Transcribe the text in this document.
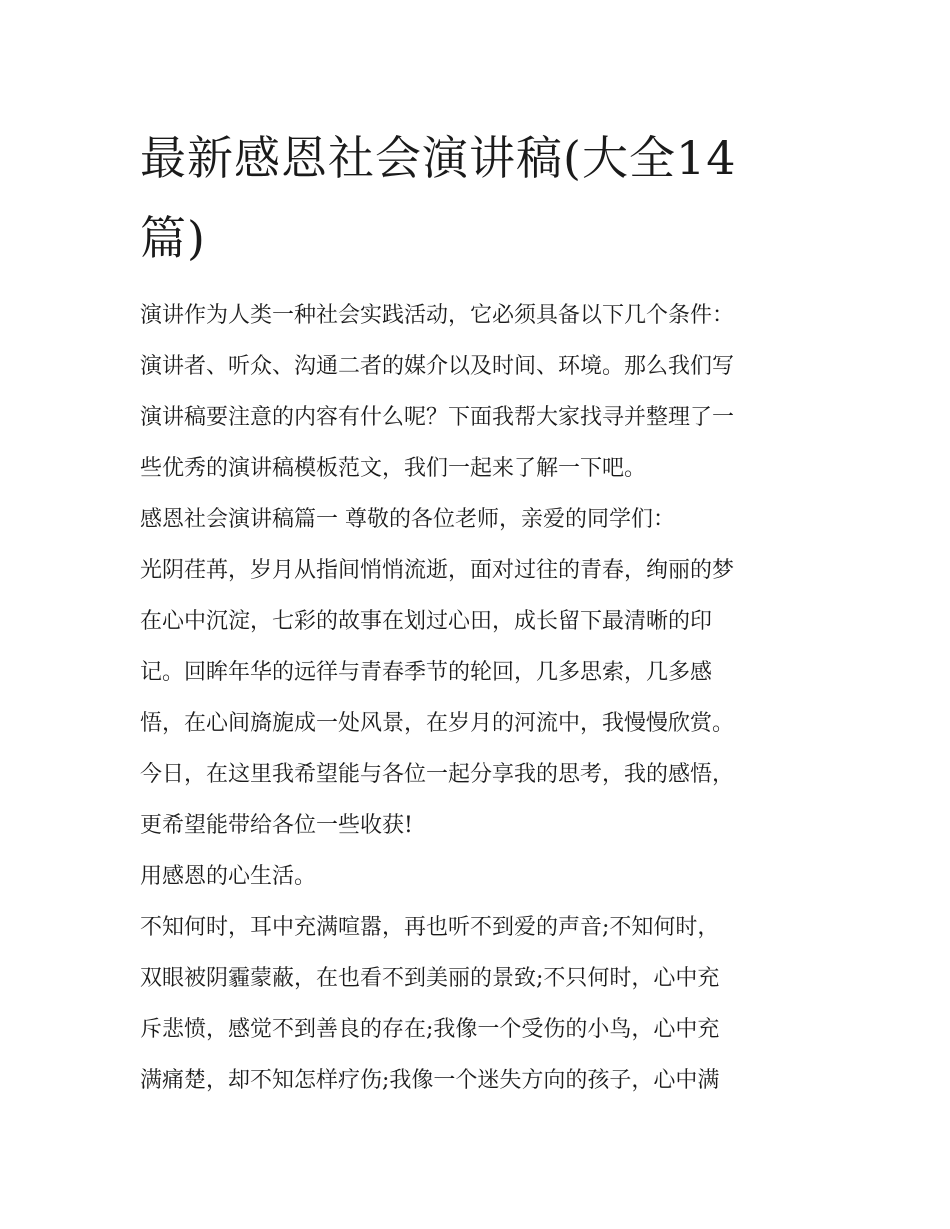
最新感恩社会演讲稿(大全14
篇)

演讲作为人类一种社会实践活动，它必须具备以下几个条件：
演讲者、听众、沟通二者的媒介以及时间、环境。那么我们写
演讲稿要注意的内容有什么呢？下面我帮大家找寻并整理了一
些优秀的演讲稿模板范文，我们一起来了解一下吧。

感恩社会演讲稿篇一 尊敬的各位老师，亲爱的同学们：

光阴荏苒，岁月从指间悄悄流逝，面对过往的青春，绚丽的梦
在心中沉淀，七彩的故事在划过心田，成长留下最清晰的印
记。回眸年华的远徉与青春季节的轮回，几多思索，几多感
悟，在心间旖旎成一处风景，在岁月的河流中，我慢慢欣赏。
今日，在这里我希望能与各位一起分享我的思考，我的感悟，
更希望能带给各位一些收获!

用感恩的心生活。

不知何时，耳中充满喧嚣，再也听不到爱的声音;不知何时，
双眼被阴霾蒙蔽，在也看不到美丽的景致;不只何时，心中充
斥悲愤，感觉不到善良的存在;我像一个受伤的小鸟，心中充
满痛楚，却不知怎样疗伤;我像一个迷失方向的孩子，心中满
